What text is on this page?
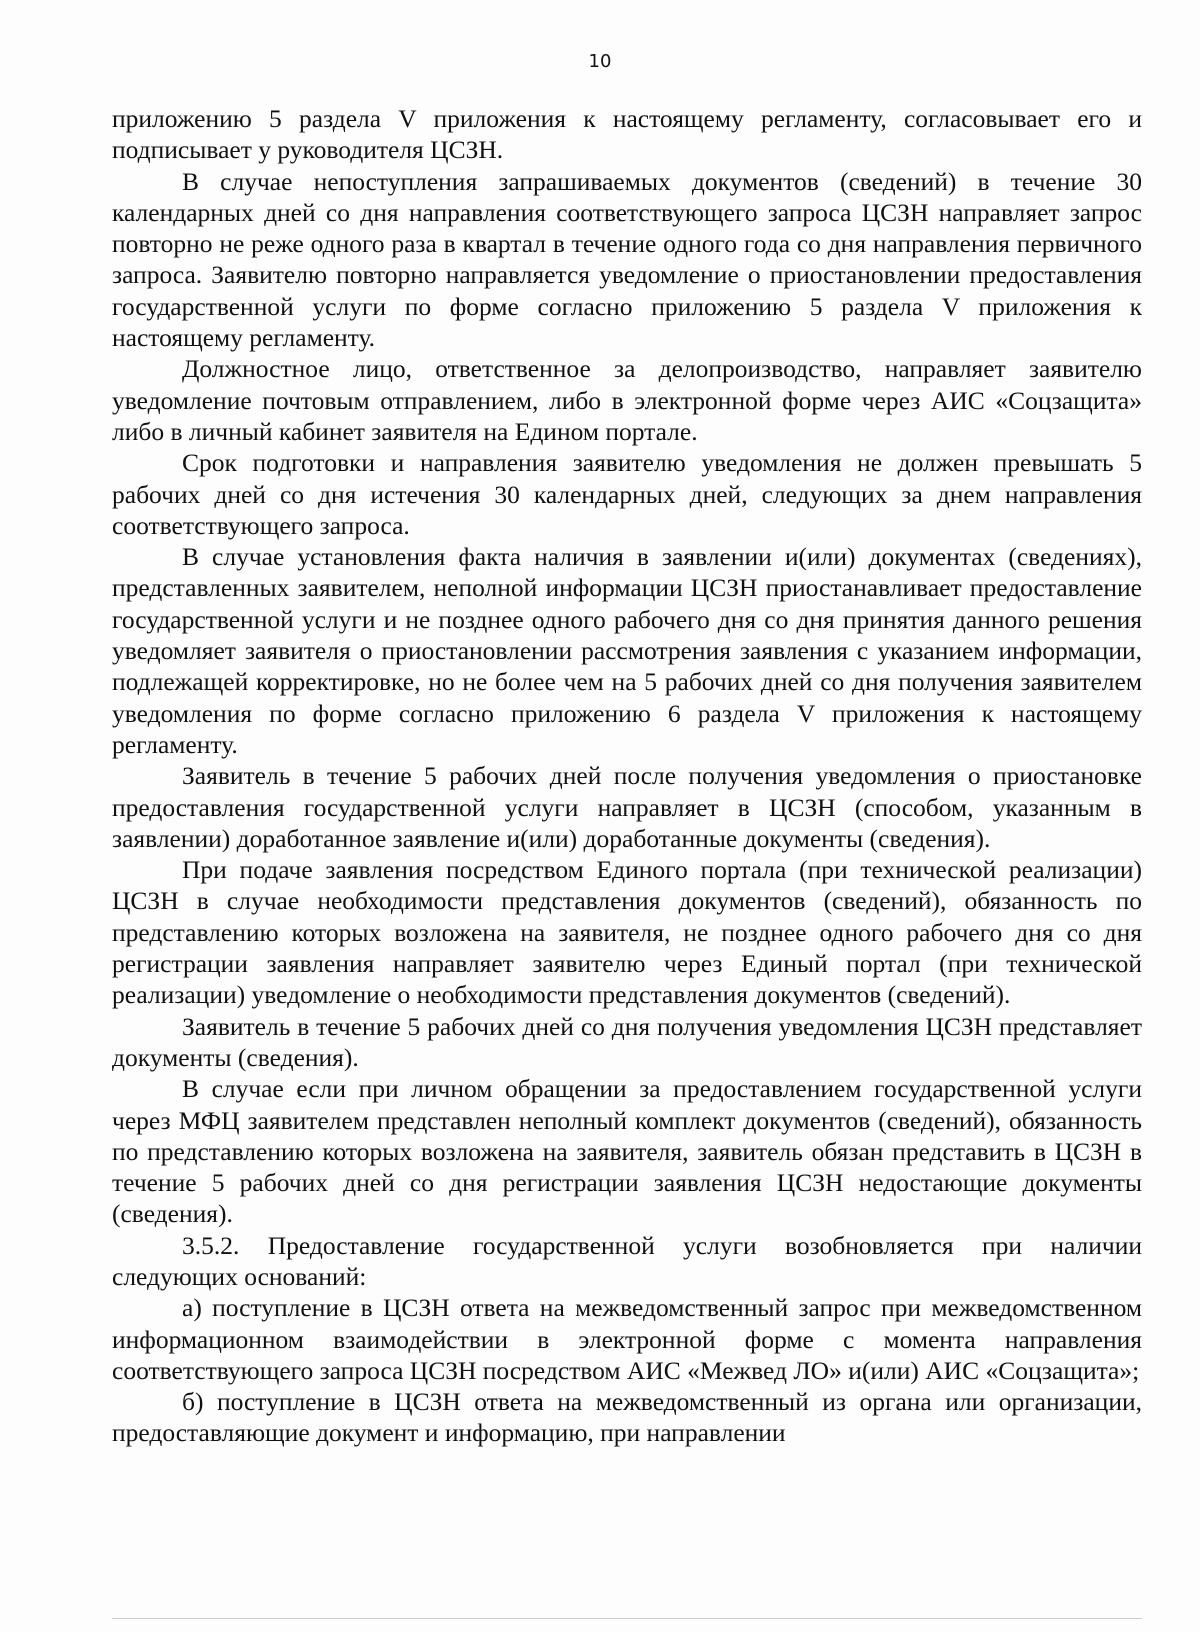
10

приложению 5 раздела V приложения к настоящему регламенту, согласовывает его и подписывает у руководителя ЦСЗН.

В случае непоступления запрашиваемых документов (сведений) в течение 30 календарных дней со дня направления соответствующего запроса ЦСЗН направляет запрос повторно не реже одного раза в квартал в течение одного года со дня направления первичного запроса. Заявителю повторно направляется уведомление о приостановлении предоставления государственной услуги по форме согласно приложению 5 раздела V приложения к настоящему регламенту.

Должностное лицо, ответственное за делопроизводство, направляет заявителю уведомление почтовым отправлением, либо в электронной форме через АИС «Соцзащита» либо в личный кабинет заявителя на Едином портале.

Срок подготовки и направления заявителю уведомления не должен превышать 5 рабочих дней со дня истечения 30 календарных дней, следующих за днем направления соответствующего запроса.

В случае установления факта наличия в заявлении и(или) документах (сведениях), представленных заявителем, неполной информации ЦСЗН приостанавливает предоставление государственной услуги и не позднее одного рабочего дня со дня принятия данного решения уведомляет заявителя о приостановлении рассмотрения заявления с указанием информации, подлежащей корректировке, но не более чем на 5 рабочих дней со дня получения заявителем уведомления по форме согласно приложению 6 раздела V приложения к настоящему регламенту.

Заявитель в течение 5 рабочих дней после получения уведомления о приостановке предоставления государственной услуги направляет в ЦСЗН (способом, указанным в заявлении) доработанное заявление и(или) доработанные документы (сведения).

При подаче заявления посредством Единого портала (при технической реализации) ЦСЗН в случае необходимости представления документов (сведений), обязанность по представлению которых возложена на заявителя, не позднее одного рабочего дня со дня регистрации заявления направляет заявителю через Единый портал (при технической реализации) уведомление о необходимости представления документов (сведений).

Заявитель в течение 5 рабочих дней со дня получения уведомления ЦСЗН представляет документы (сведения).

В случае если при личном обращении за предоставлением государственной услуги через МФЦ заявителем представлен неполный комплект документов (сведений), обязанность по представлению которых возложена на заявителя, заявитель обязан представить в ЦСЗН в течение 5 рабочих дней со дня регистрации заявления ЦСЗН недостающие документы (сведения).

3.5.2. Предоставление государственной услуги возобновляется при наличии следующих оснований:

а) поступление в ЦСЗН ответа на межведомственный запрос при межведомственном информационном взаимодействии в электронной форме с момента направления соответствующего запроса ЦСЗН посредством АИС «Межвед ЛО» и(или) АИС «Соцзащита»;

б) поступление в ЦСЗН ответа на межведомственный из органа или организации, предоставляющие документ и информацию, при направлении
